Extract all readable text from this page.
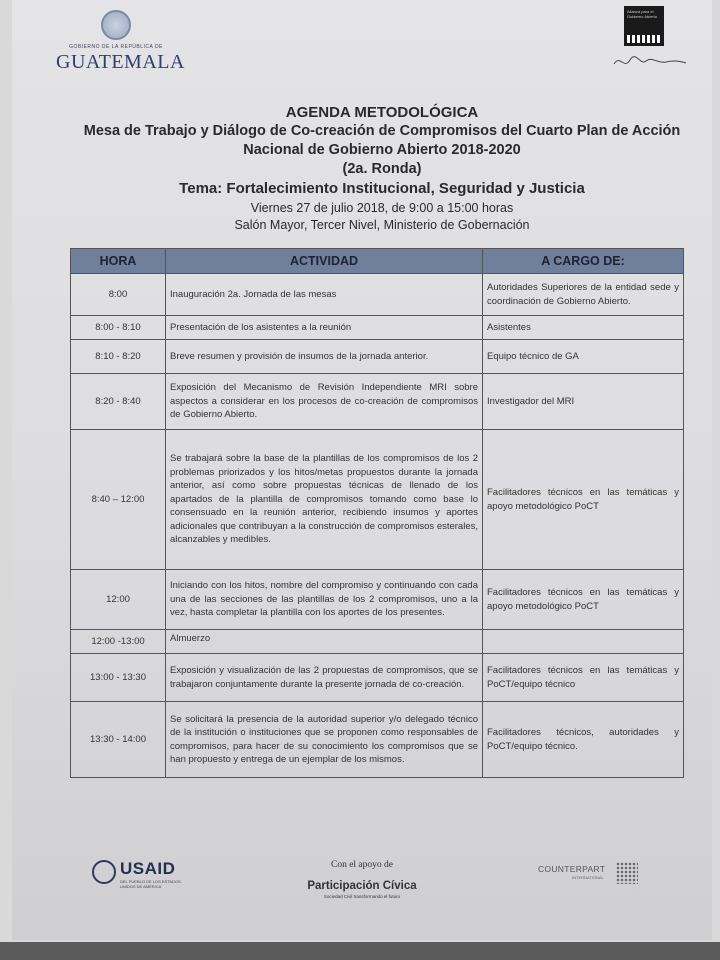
GOBIERNO DE LA REPÚBLICA DE
GUATEMALA
Alianza para el Gobierno Abierto
AGENDA METODOLÓGICA
Mesa de Trabajo y Diálogo de Co-creación de Compromisos del Cuarto Plan de Acción
Nacional de Gobierno Abierto 2018-2020
(2a. Ronda)
Tema: Fortalecimiento Institucional, Seguridad y Justicia
Viernes 27 de julio 2018, de 9:00 a 15:00 horas
Salón Mayor, Tercer Nivel, Ministerio de Gobernación
HORA	ACTIVIDAD	A CARGO DE:
8:00	Inauguración 2a. Jornada de las mesas	Autoridades Superiores de la entidad sede y coordinación de Gobierno Abierto.
8:00 - 8:10	Presentación de los asistentes a la reunión	Asistentes
8:10 - 8:20	Breve resumen y provisión de insumos de la jornada anterior.	Equipo técnico de GA
8:20 - 8:40	Exposición del Mecanismo de Revisión Independiente MRI sobre aspectos a considerar en los procesos de co-creación de compromisos de Gobierno Abierto.	Investigador del MRI
8:40 – 12:00	Se trabajará sobre la base de la plantillas de los compromisos de los 2 problemas priorizados y los hitos/metas propuestos durante la jornada anterior, así como sobre propuestas técnicas de llenado de los apartados de la plantilla de compromisos tomando como base lo consensuado en la reunión anterior, recibiendo insumos y aportes adicionales que contribuyan a la construcción de compromisos esterales, alcanzables y medibles.	Facilitadores técnicos en las temáticas y apoyo metodológico PoCT
12:00	Iniciando con los hitos, nombre del compromiso y continuando con cada una de las secciones de las plantillas de los 2 compromisos, uno a la vez, hasta completar la plantilla con los aportes de los presentes.	Facilitadores técnicos en las temáticas y apoyo metodológico PoCT
12:00 -13:00	Almuerzo	
13:00 - 13:30	Exposición y visualización de las 2 propuestas de compromisos, que se trabajaron conjuntamente durante la presente jornada de co-creación.	Facilitadores técnicos en las temáticas y PoCT/equipo técnico
13:30 - 14:00	Se solicitará la presencia de la autoridad superior y/o delegado técnico de la institución o instituciones que se proponen como responsables de compromisos, para hacer de su conocimiento los compromisos que se han propuesto y entrega de un ejemplar de los mismos.	Facilitadores técnicos, autoridades y PoCT/equipo técnico.
USAID
DEL PUEBLO DE LOS ESTADOS UNIDOS DE AMÉRICA
Con el apoyo de
Participación Cívica
Sociedad Civil transformando el futuro
COUNTERPART
INTERNATIONAL
